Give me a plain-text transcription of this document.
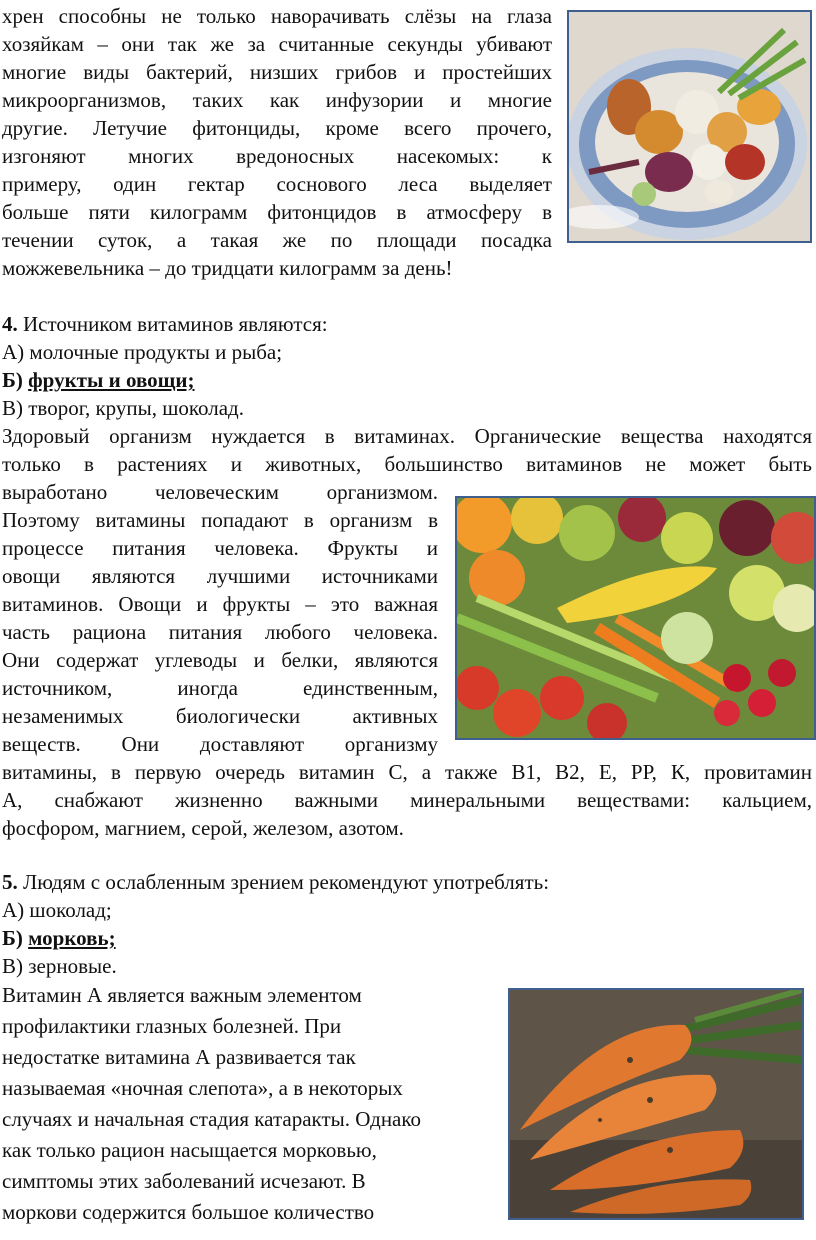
хрен способны не только наворачивать слёзы на глаза
хозяйкам – они так же за считанные секунды убивают
многие виды бактерий, низших грибов и простейших
микроорганизмов, таких как инфузории и многие
другие. Летучие фитонциды, кроме всего прочего,
изгоняют многих вредоносных насекомых: к
примеру, один гектар соснового леса выделяет
больше пяти килограмм фитонцидов в атмосферу в
течении суток, а такая же по площади посадка
можжевельника – до тридцати килограмм за день!
4. Источником витаминов являются:
А) молочные продукты и рыба;
Б) фрукты и овощи;
В) творог, крупы, шоколад.
Здоровый организм нуждается в витаминах. Органические вещества находятся
только в растениях и животных, большинство витаминов не может быть
выработано человеческим организмом.
Поэтому витамины попадают в организм в
процессе питания человека. Фрукты и
овощи являются лучшими источниками
витаминов. Овощи и фрукты – это важная
часть рациона питания любого человека.
Они содержат углеводы и белки, являются
источником, иногда единственным,
незаменимых биологически активных
веществ. Они доставляют организму
витамины, в первую очередь витамин С, а также В1, В2, Е, РР, К, провитамин
А, снабжают жизненно важными минеральными веществами: кальцием,
фосфором, магнием, серой, железом, азотом.
5. Людям с ослабленным зрением рекомендуют употреблять:
А) шоколад;
Б) морковь;
В) зерновые.
Витамин А является важным элементом
профилактики глазных болезней. При
недостатке витамина А развивается так
называемая «ночная слепота», а в некоторых
случаях и начальная стадия катаракты. Однако
как только рацион насыщается морковью,
симптомы этих заболеваний исчезают. В
моркови содержится большое количество
